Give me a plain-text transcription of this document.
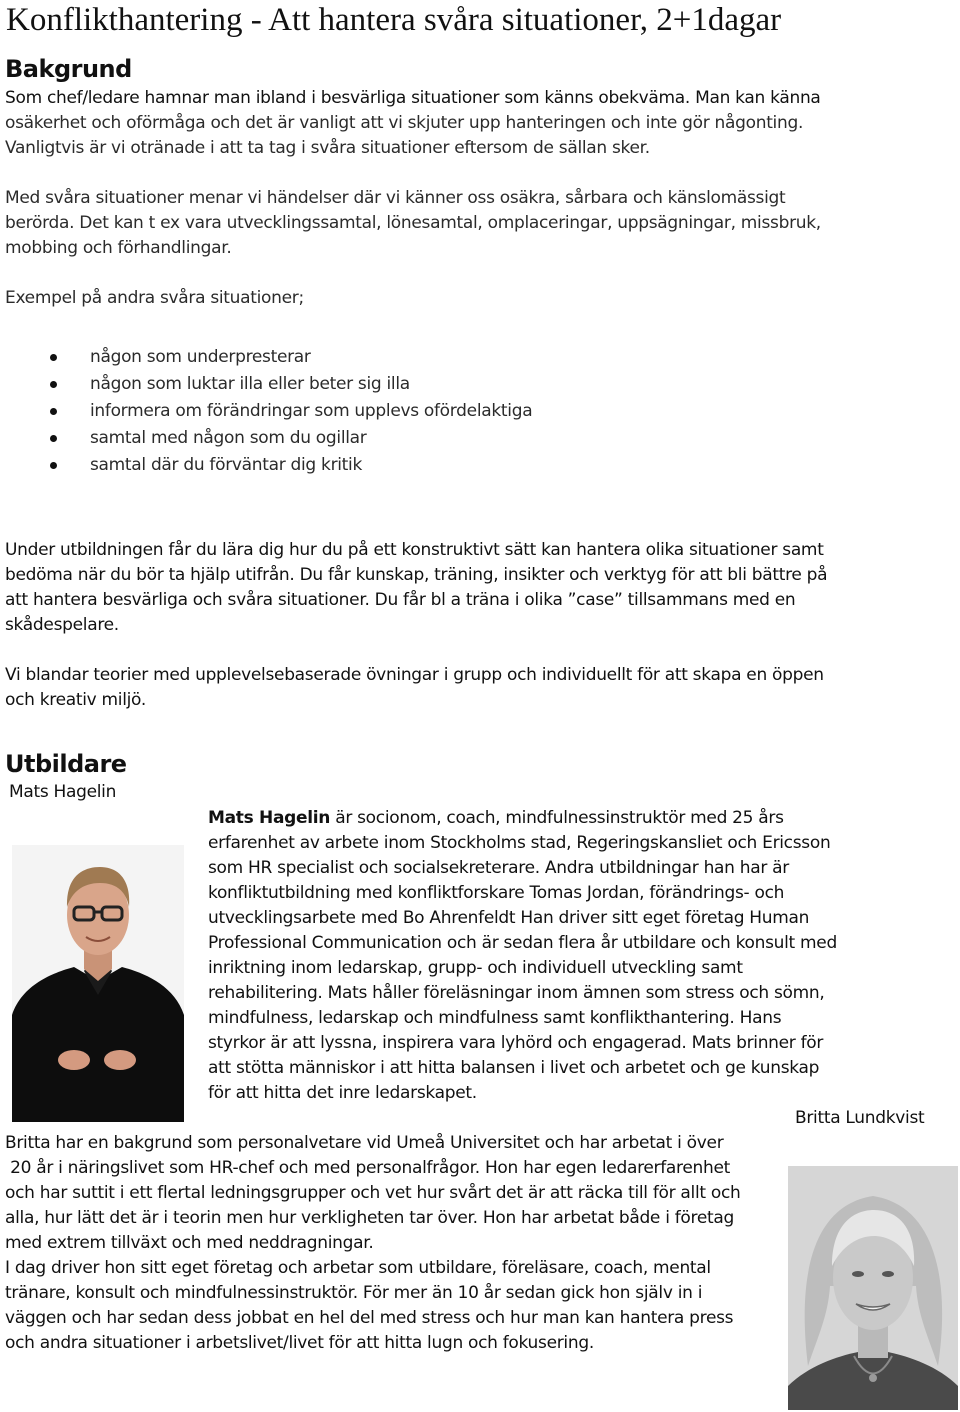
Konflikthantering - Att hantera svåra situationer, 2+1dagar
Bakgrund

Som chef/ledare hamnar man ibland i besvärliga situationer som känns obekväma. Man kan känna
osäkerhet och oförmåga och det är vanligt att vi skjuter upp hanteringen och inte gör någonting.
Vanligtvis är vi otränade i att ta tag i svåra situationer eftersom de sällan sker.

Med svåra situationer menar vi händelser där vi känner oss osäkra, sårbara och känslomässigt
berörda. Det kan t ex vara utvecklingssamtal, lönesamtal, omplaceringar, uppsägningar, missbruk,
mobbing och förhandlingar.

Exempel på andra svåra situationer;

någon som underpresterar
någon som luktar illa eller beter sig illa
informera om förändringar som upplevs ofördelaktiga
samtal med någon som du ogillar
samtal där du förväntar dig kritik

Under utbildningen får du lära dig hur du på ett konstruktivt sätt kan hantera olika situationer samt
bedöma när du bör ta hjälp utifrån. Du får kunskap, träning, insikter och verktyg för att bli bättre på
att hantera besvärliga och svåra situationer. Du får bl a träna i olika ”case” tillsammans med en
skådespelare.

Vi blandar teorier med upplevelsebaserade övningar i grupp och individuellt för att skapa en öppen
och kreativ miljö.

Utbildare
Mats Hagelin

Mats Hagelin är socionom, coach, mindfulnessinstruktör med 25 års
erfarenhet av arbete inom Stockholms stad, Regeringskansliet och Ericsson
som HR specialist och socialsekreterare. Andra utbildningar han har är
konfliktutbildning med konfliktforskare Tomas Jordan, förändrings- och
utvecklingsarbete med Bo Ahrenfeldt Han driver sitt eget företag Human
Professional Communication och är sedan flera år utbildare och konsult med
inriktning inom ledarskap, grupp- och individuell utveckling samt
rehabilitering. Mats håller föreläsningar inom ämnen som stress och sömn,
mindfulness, ledarskap och mindfulness samt konflikthantering. Hans
styrkor är att lyssna, inspirera vara lyhörd och engagerad. Mats brinner för
att stötta människor i att hitta balansen i livet och arbetet och ge kunskap
för att hitta det inre ledarskapet.

Britta Lundkvist

Britta har en bakgrund som personalvetare vid Umeå Universitet och har arbetat i över
20 år i näringslivet som HR-chef och med personalfrågor. Hon har egen ledarerfarenhet
och har suttit i ett flertal ledningsgrupper och vet hur svårt det är att räcka till för allt och
alla, hur lätt det är i teorin men hur verkligheten tar över. Hon har arbetat både i företag
med extrem tillväxt och med neddragningar.
I dag driver hon sitt eget företag och arbetar som utbildare, föreläsare, coach, mental
tränare, konsult och mindfulnessinstruktör. För mer än 10 år sedan gick hon själv in i
väggen och har sedan dess jobbat en hel del med stress och hur man kan hantera press
och andra situationer i arbetslivet/livet för att hitta lugn och fokusering.
